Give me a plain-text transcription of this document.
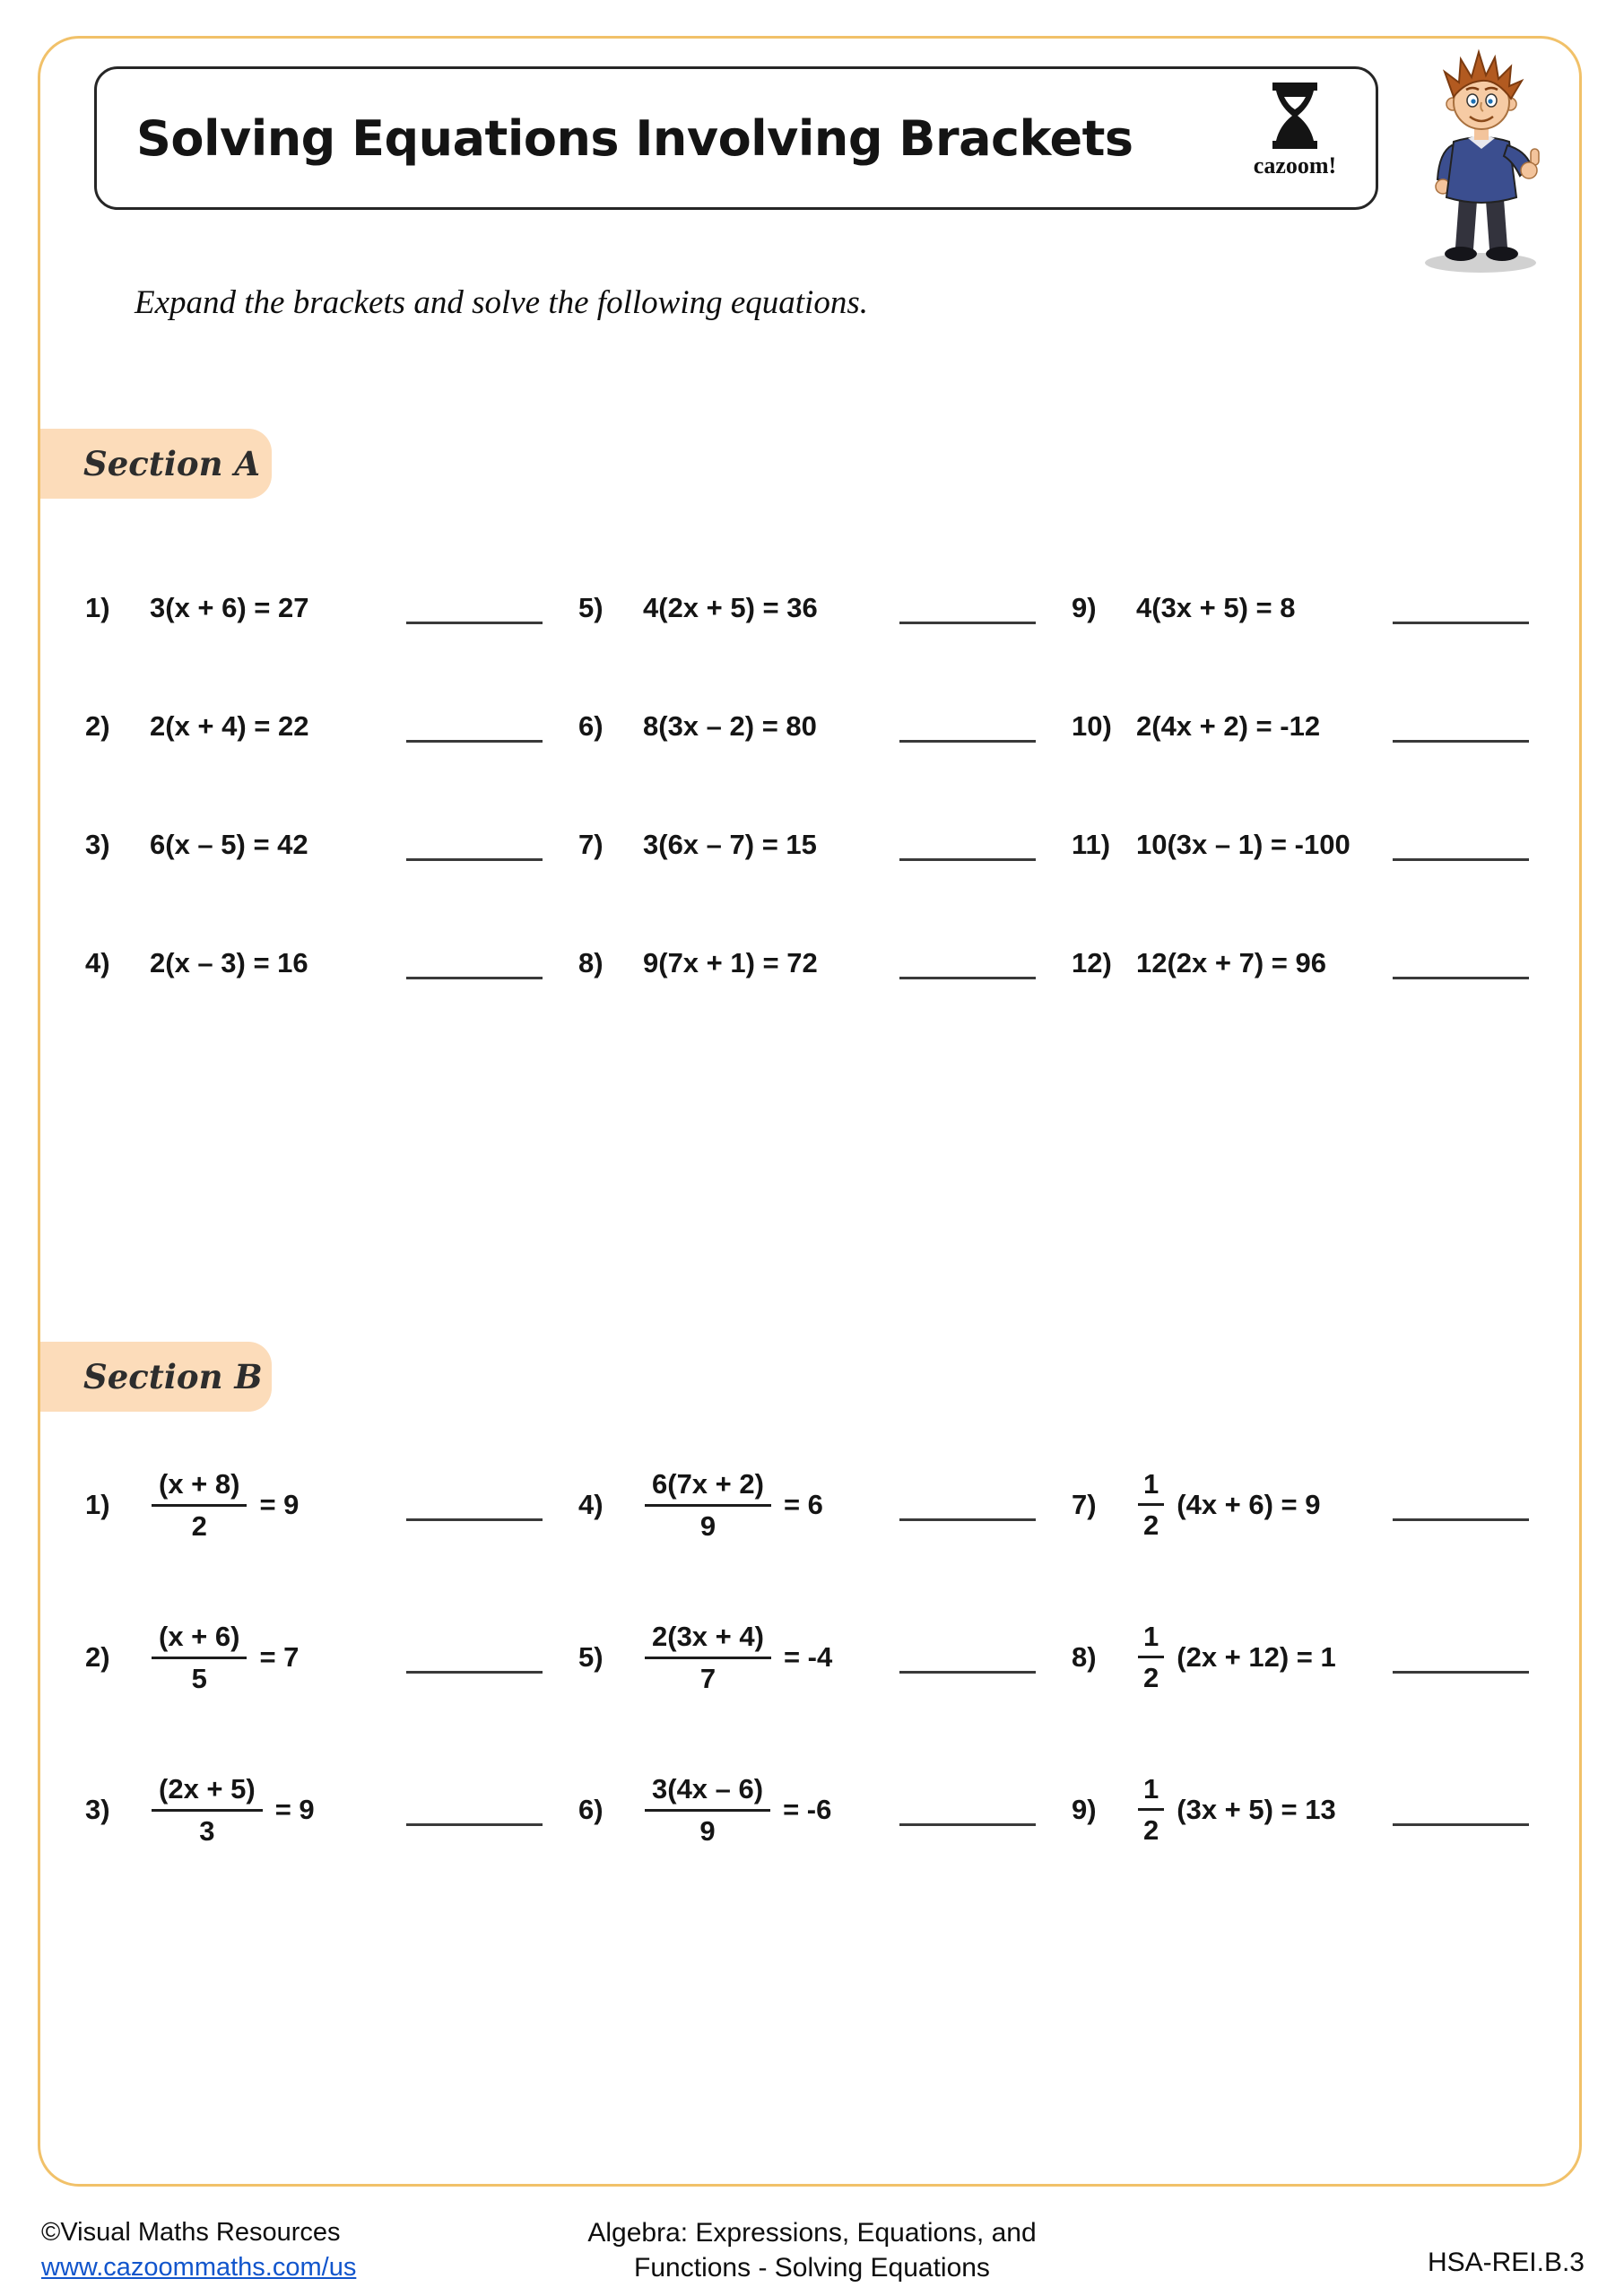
Solving Equations Involving Brackets	cazoom!
Expand the brackets and solve the following equations.
Section A
1)	3(x + 6) = 27
2)	2(x + 4) = 22
3)	6(x – 5) = 42
4)	2(x – 3) = 16
5)	4(2x + 5) = 36
6)	8(3x – 2) = 80
7)	3(6x – 7) = 15
8)	9(7x + 1) = 72
9)	4(3x + 5) = 8
10) 2(4x + 2) = -12
11) 10(3x – 1) = -100
12) 12(2x + 7) = 96
Section B
1)	$\frac{(x + 8)}{2} = 9$
2)	$\frac{(x + 6)}{5} = 7$
3)	$\frac{(2x + 5)}{3} = 9$
4)	$\frac{6(7x + 2)}{9} = 6$
5)	$\frac{2(3x + 4)}{7} = -4$
6)	$\frac{3(4x - 6)}{9} = -6$
7)	$\frac{1}{2} (4x + 6) = 9$
8)	$\frac{1}{2} (2x + 12) = 1$
9)	$\frac{1}{2} (3x + 5) = 13$
©Visual Maths Resources
www.cazoommaths.com/us
Algebra: Expressions, Equations, and
Functions - Solving Equations	HSA-REI.B.3
